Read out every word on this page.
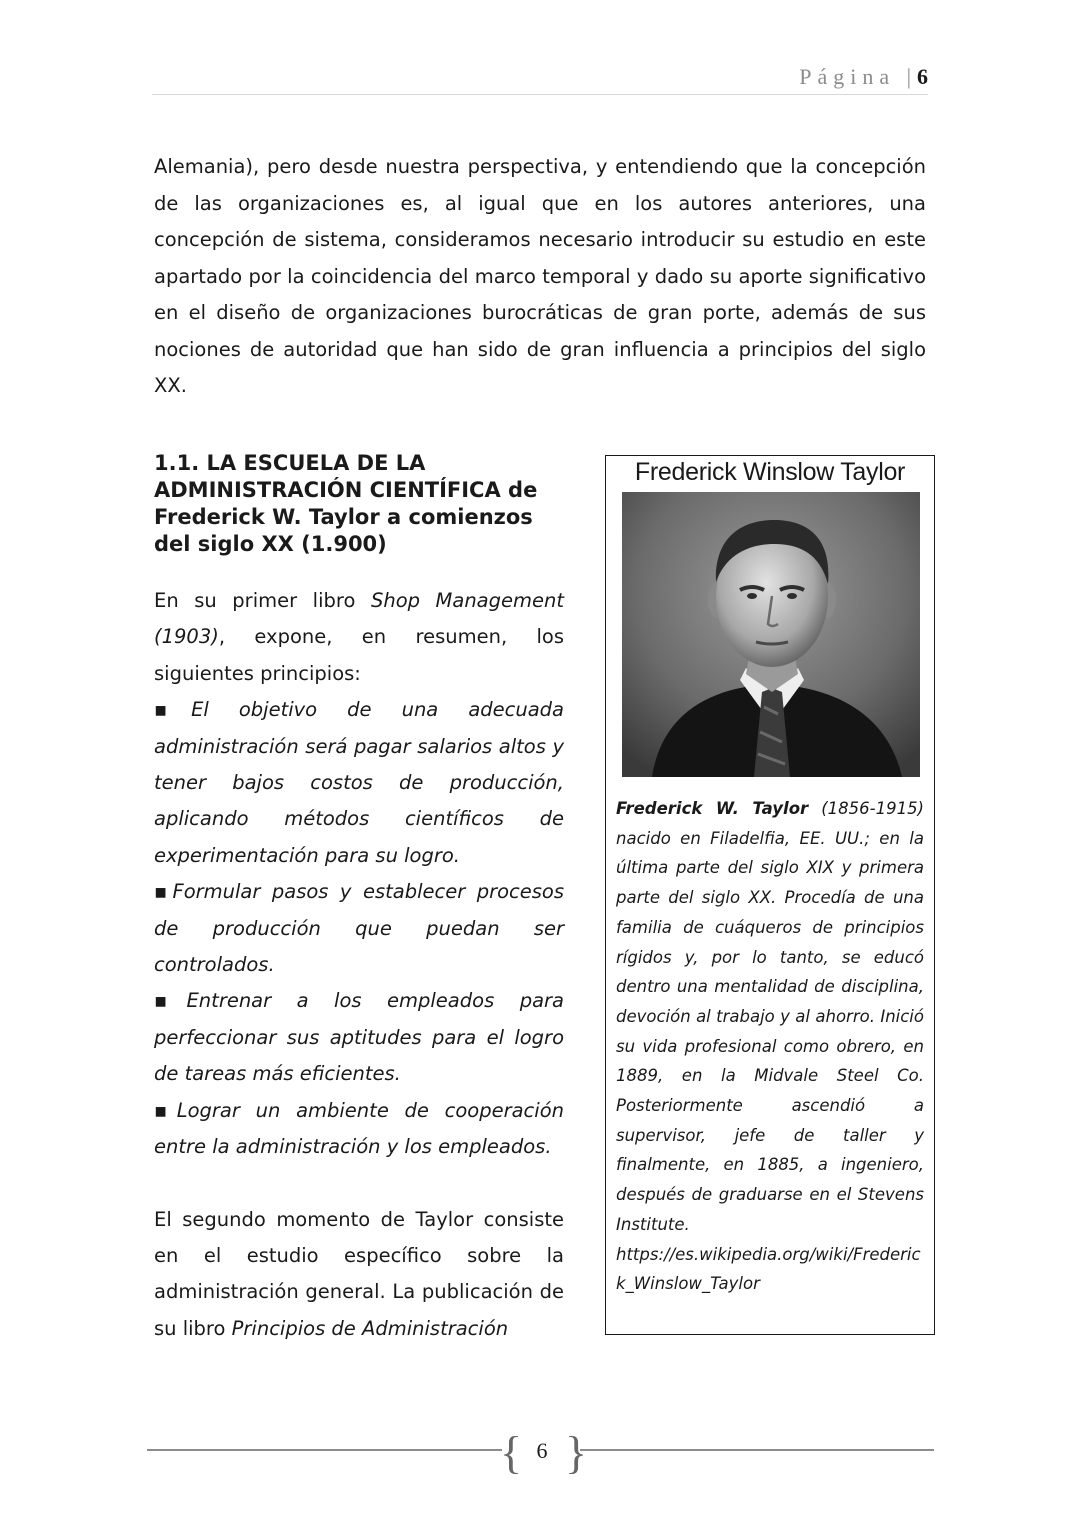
Página | 6

Alemania), pero desde nuestra perspectiva, y entendiendo que la concepción de las organizaciones es, al igual que en los autores anteriores, una concepción de sistema, consideramos necesario introducir su estudio en este apartado por la coincidencia del marco temporal y dado su aporte significativo en el diseño de organizaciones burocráticas de gran porte, además de sus nociones de autoridad que han sido de gran influencia a principios del siglo XX.

1.1. LA ESCUELA DE LA ADMINISTRACIÓN CIENTÍFICA de Frederick W. Taylor a comienzos del siglo XX (1.900)

En su primer libro Shop Management (1903), expone, en resumen, los siguientes principios:

▪El objetivo de una adecuada administración será pagar salarios altos y tener bajos costos de producción, aplicando métodos científicos de experimentación para su logro.

▪Formular pasos y establecer procesos de producción que puedan ser controlados.

▪Entrenar a los empleados para perfeccionar sus aptitudes para el logro de tareas más eficientes.

▪Lograr un ambiente de cooperación entre la administración y los empleados.

El segundo momento de Taylor consiste en el estudio específico sobre la administración general. La publicación de su libro Principios de Administración

Frederick Winslow Taylor

Frederick W. Taylor (1856-1915) nacido en Filadelfia, EE. UU.; en la última parte del siglo XIX y primera parte del siglo XX. Procedía de una familia de cuáqueros de principios rígidos y, por lo tanto, se educó dentro una mentalidad de disciplina, devoción al trabajo y al ahorro. Inició su vida profesional como obrero, en 1889, en la Midvale Steel Co. Posteriormente ascendió a supervisor, jefe de taller y finalmente, en 1885, a ingeniero, después de graduarse en el Stevens Institute.

https://es.wikipedia.org/wiki/Frederick_Winslow_Taylor

{ }
6
